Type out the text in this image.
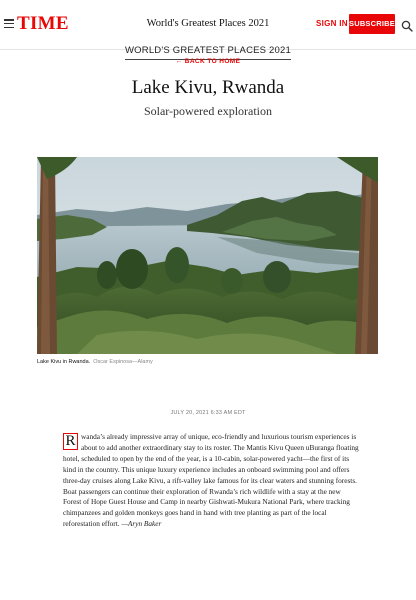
TIME	World's Greatest Places 2021	SIGN IN SUBSCRIBE
WORLD'S GREATEST PLACES 2021
← BACK TO HOME
Lake Kivu, Rwanda
Solar-powered exploration
Lake Kivu in Rwanda. Oscar Espinosa—Alamy
JULY 20, 2021 6:33 AM EDT
R wanda’s already impressive array of unique, eco-friendly and luxurious tourism experiences is about to add another extraordinary stay to its roster. The Mantis Kivu Queen uBuranga floating hotel, scheduled to open by the end of the year, is a 10-cabin, solar-powered yacht—the first of its kind in the country. This unique luxury experience includes an onboard swimming pool and offers three-day cruises along Lake Kivu, a rift-valley lake famous for its clear waters and stunning forests. Boat passengers can continue their exploration of Rwanda’s rich wildlife with a stay at the new Forest of Hope Guest House and Camp in nearby Gishwati-Mukura National Park, where tracking chimpanzees and golden monkeys goes hand in hand with tree planting as part of the local reforestation effort. —Aryn Baker
